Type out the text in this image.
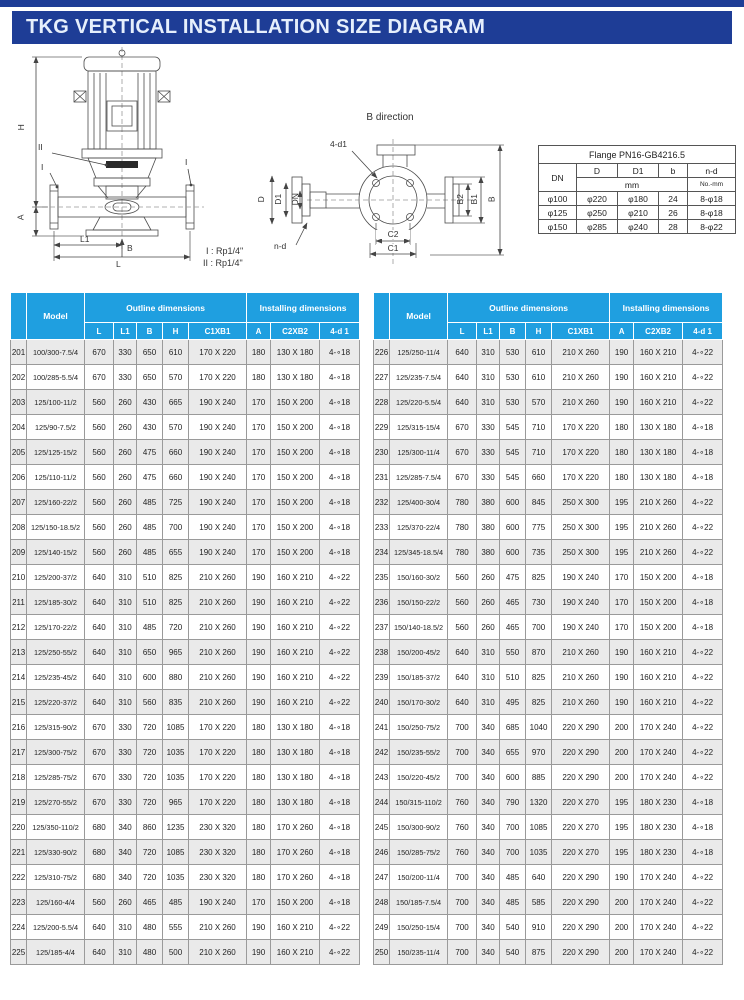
TKG VERTICAL INSTALLATION SIZE DIAGRAM
H
A
II
I	I
L1
B
L
B direction
4-d1
D D1 DN
n-d
B2 B1 B
C2
C1
I : Rp1/4"
II : Rp1/4"
Flange PN16-GB4216.5				
DN	D	D1	b	n-d
	mm			No.-mm
φ100	φ220	φ180	24	8-φ18
φ125	φ250	φ210	26	8-φ18
φ150	φ285	φ240	28	8-φ22
	Model	Outline dimensions					Installing dimensions		
		L	L1	B	H	C1XB1	A	C2XB2	4-d 1
201	100/300-7.5/4	670	330	650	610	170 X 220	180	130 X 180	4-∘18
202	100/285-5.5/4	670	330	650	570	170 X 220	180	130 X 180	4-∘18
203	125/100-11/2	560	260	430	665	190 X 240	170	150 X 200	4-∘18
204	125/90-7.5/2	560	260	430	570	190 X 240	170	150 X 200	4-∘18
205	125/125-15/2	560	260	475	660	190 X 240	170	150 X 200	4-∘18
206	125/110-11/2	560	260	475	660	190 X 240	170	150 X 200	4-∘18
207	125/160-22/2	560	260	485	725	190 X 240	170	150 X 200	4-∘18
208	125/150-18.5/2	560	260	485	700	190 X 240	170	150 X 200	4-∘18
209	125/140-15/2	560	260	485	655	190 X 240	170	150 X 200	4-∘18
210	125/200-37/2	640	310	510	825	210 X 260	190	160 X 210	4-∘22
211	125/185-30/2	640	310	510	825	210 X 260	190	160 X 210	4-∘22
212	125/170-22/2	640	310	485	720	210 X 260	190	160 X 210	4-∘22
213	125/250-55/2	640	310	650	965	210 X 260	190	160 X 210	4-∘22
214	125/235-45/2	640	310	600	880	210 X 260	190	160 X 210	4-∘22
215	125/220-37/2	640	310	560	835	210 X 260	190	160 X 210	4-∘22
216	125/315-90/2	670	330	720	1085	170 X 220	180	130 X 180	4-∘18
217	125/300-75/2	670	330	720	1035	170 X 220	180	130 X 180	4-∘18
218	125/285-75/2	670	330	720	1035	170 X 220	180	130 X 180	4-∘18
219	125/270-55/2	670	330	720	965	170 X 220	180	130 X 180	4-∘18
220	125/350-110/2	680	340	860	1235	230 X 320	180	170 X 260	4-∘18
221	125/330-90/2	680	340	720	1085	230 X 320	180	170 X 260	4-∘18
222	125/310-75/2	680	340	720	1035	230 X 320	180	170 X 260	4-∘18
223	125/160-4/4	560	260	465	485	190 X 240	170	150 X 200	4-∘18
224	125/200-5.5/4	640	310	480	555	210 X 260	190	160 X 210	4-∘22
225	125/185-4/4	640	310	480	500	210 X 260	190	160 X 210	4-∘22
	Model	Outline dimensions					Installing dimensions		
		L	L1	B	H	C1XB1	A	C2XB2	4-d 1
226	125/250-11/4	640	310	530	610	210 X 260	190	160 X 210	4-∘22
227	125/235-7.5/4	640	310	530	610	210 X 260	190	160 X 210	4-∘22
228	125/220-5.5/4	640	310	530	570	210 X 260	190	160 X 210	4-∘22
229	125/315-15/4	670	330	545	710	170 X 220	180	130 X 180	4-∘18
230	125/300-11/4	670	330	545	710	170 X 220	180	130 X 180	4-∘18
231	125/285-7.5/4	670	330	545	660	170 X 220	180	130 X 180	4-∘18
232	125/400-30/4	780	380	600	845	250 X 300	195	210 X 260	4-∘22
233	125/370-22/4	780	380	600	775	250 X 300	195	210 X 260	4-∘22
234	125/345-18.5/4	780	380	600	735	250 X 300	195	210 X 260	4-∘22
235	150/160-30/2	560	260	475	825	190 X 240	170	150 X 200	4-∘18
236	150/150-22/2	560	260	465	730	190 X 240	170	150 X 200	4-∘18
237	150/140-18.5/2	560	260	465	700	190 X 240	170	150 X 200	4-∘18
238	150/200-45/2	640	310	550	870	210 X 260	190	160 X 210	4-∘22
239	150/185-37/2	640	310	510	825	210 X 260	190	160 X 210	4-∘22
240	150/170-30/2	640	310	495	825	210 X 260	190	160 X 210	4-∘22
241	150/250-75/2	700	340	685	1040	220 X 290	200	170 X 240	4-∘22
242	150/235-55/2	700	340	655	970	220 X 290	200	170 X 240	4-∘22
243	150/220-45/2	700	340	600	885	220 X 290	200	170 X 240	4-∘22
244	150/315-110/2	760	340	790	1320	220 X 270	195	180 X 230	4-∘18
245	150/300-90/2	760	340	700	1085	220 X 270	195	180 X 230	4-∘18
246	150/285-75/2	760	340	700	1035	220 X 270	195	180 X 230	4-∘18
247	150/200-11/4	700	340	485	640	220 X 290	190	170 X 240	4-∘22
248	150/185-7.5/4	700	340	485	585	220 X 290	200	170 X 240	4-∘22
249	150/250-15/4	700	340	540	910	220 X 290	200	170 X 240	4-∘22
250	150/235-11/4	700	340	540	875	220 X 290	200	170 X 240	4-∘22
